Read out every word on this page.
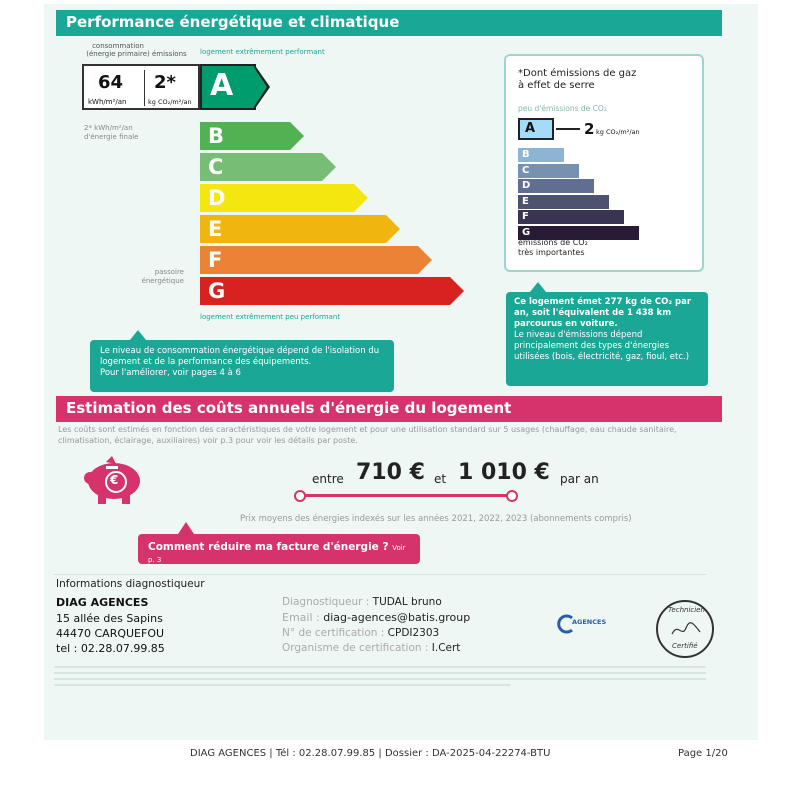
Performance énergétique et climatique
consommation
(énergie primaire) émissions logement extrêmement performant
64
kWh/m²/an
2*
kg CO₂/m²/an
2* kWh/m²/an
d'énergie finale
A
B
C
D
E
F
G
passoire
énergétique
logement extrêmement peu performant
Le niveau de consommation énergétique dépend de l'isolation du logement et de la performance des équipements.
Pour l'améliorer, voir pages 4 à 6
*Dont émissions de gaz
à effet de serre
peu d'émissions de CO₂
A	2 kg CO₂/m²/an
B
C
D
E
F
G
émissions de CO₂
très importantes
Ce logement émet 277 kg de CO₂ par an, soit l'équivalent de 1 438 km parcourus en voiture.
Le niveau d'émissions dépend principalement des types d'énergies utilisées (bois, électricité, gaz, fioul, etc.)
Estimation des coûts annuels d'énergie du logement
Les coûts sont estimés en fonction des caractéristiques de votre logement et pour une utilisation standard sur 5 usages (chauffage, eau chaude sanitaire, climatisation, éclairage, auxiliaires) voir p.3 pour voir les détails par poste.
€	entre 710 € et 1 010 € par an
Prix moyens des énergies indexés sur les années 2021, 2022, 2023 (abonnements compris)
Comment réduire ma facture d'énergie ? Voir p. 3
Informations diagnostiqueur
DIAG AGENCES
15 allée des Sapins
44470 CARQUEFOU
tel : 02.28.07.99.85
Diagnostiqueur : TUDAL bruno
Email : diag-agences@batis.group
N° de certification : CPDI2303
Organisme de certification : I.Cert
AGENCES
Technicien
Certifié
DIAG AGENCES | Tél : 02.28.07.99.85 | Dossier : DA-2025-04-22274-BTU	Page 1/20
